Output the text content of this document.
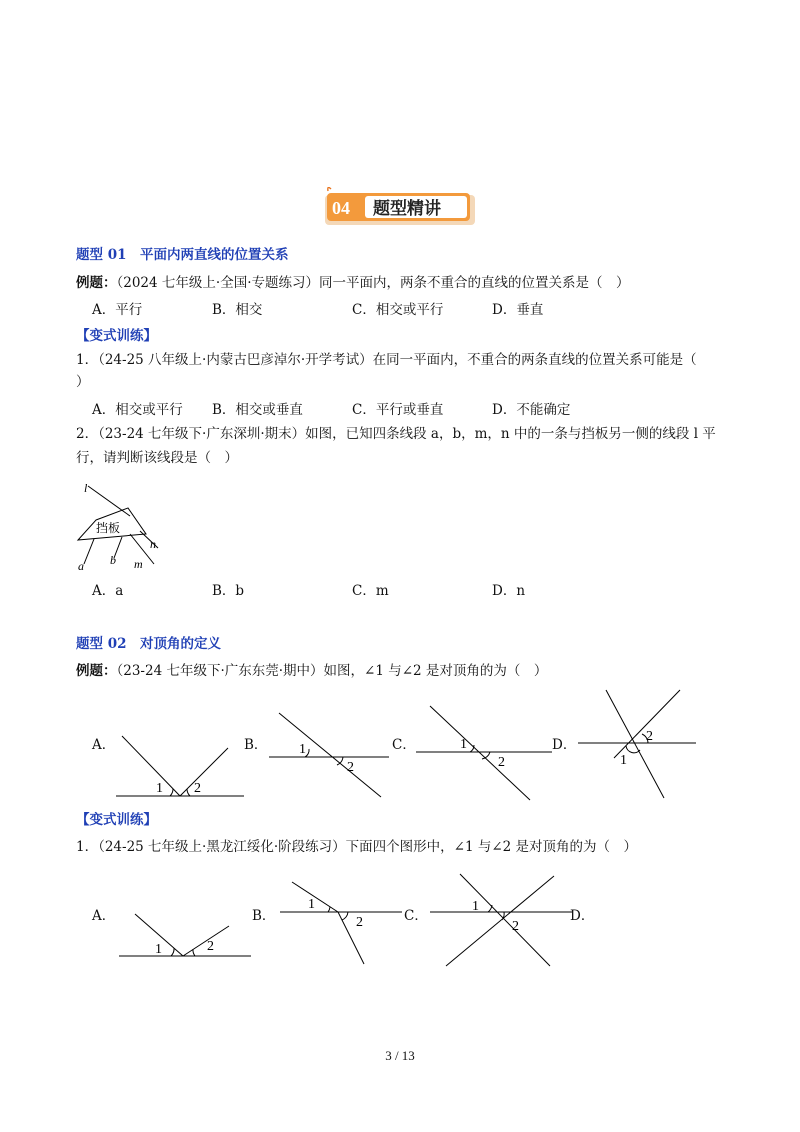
04 题型精讲
题型 01　平面内两直线的位置关系
例题：（2024 七年级上·全国·专题练习）同一平面内，两条不重合的直线的位置关系是（　）
A．平行	B．相交	C．相交或平行	D．垂直
【变式训练】
1．（24-25 八年级上·内蒙古巴彦淖尔·开学考试）在同一平面内，不重合的两条直线的位置关系可能是（
）
A．相交或平行 B．相交或垂直	C．平行或垂直	D．不能确定
2．（23-24 七年级下·广东深圳·期末）如图，已知四条线段 a，b，m，n 中的一条与挡板另一侧的线段 l 平
行，请判断该线段是（　）
挡板
l
a b m
n
A．a	B．b	C．m	D．n
题型 02　对顶角的定义
例题：（23-24 七年级下·广东东莞·期中）如图，∠1 与∠2 是对顶角的为（　）
A．
1 2
B． 1
2
C．	1
2
D．
2
1
【变式训练】
1．（24-25 七年级上·黑龙江绥化·阶段练习）下面四个图形中，∠1 与∠2 是对顶角的为（　）
A．
1	2
B．
1
2	C．
1
2
D．
3 / 13
